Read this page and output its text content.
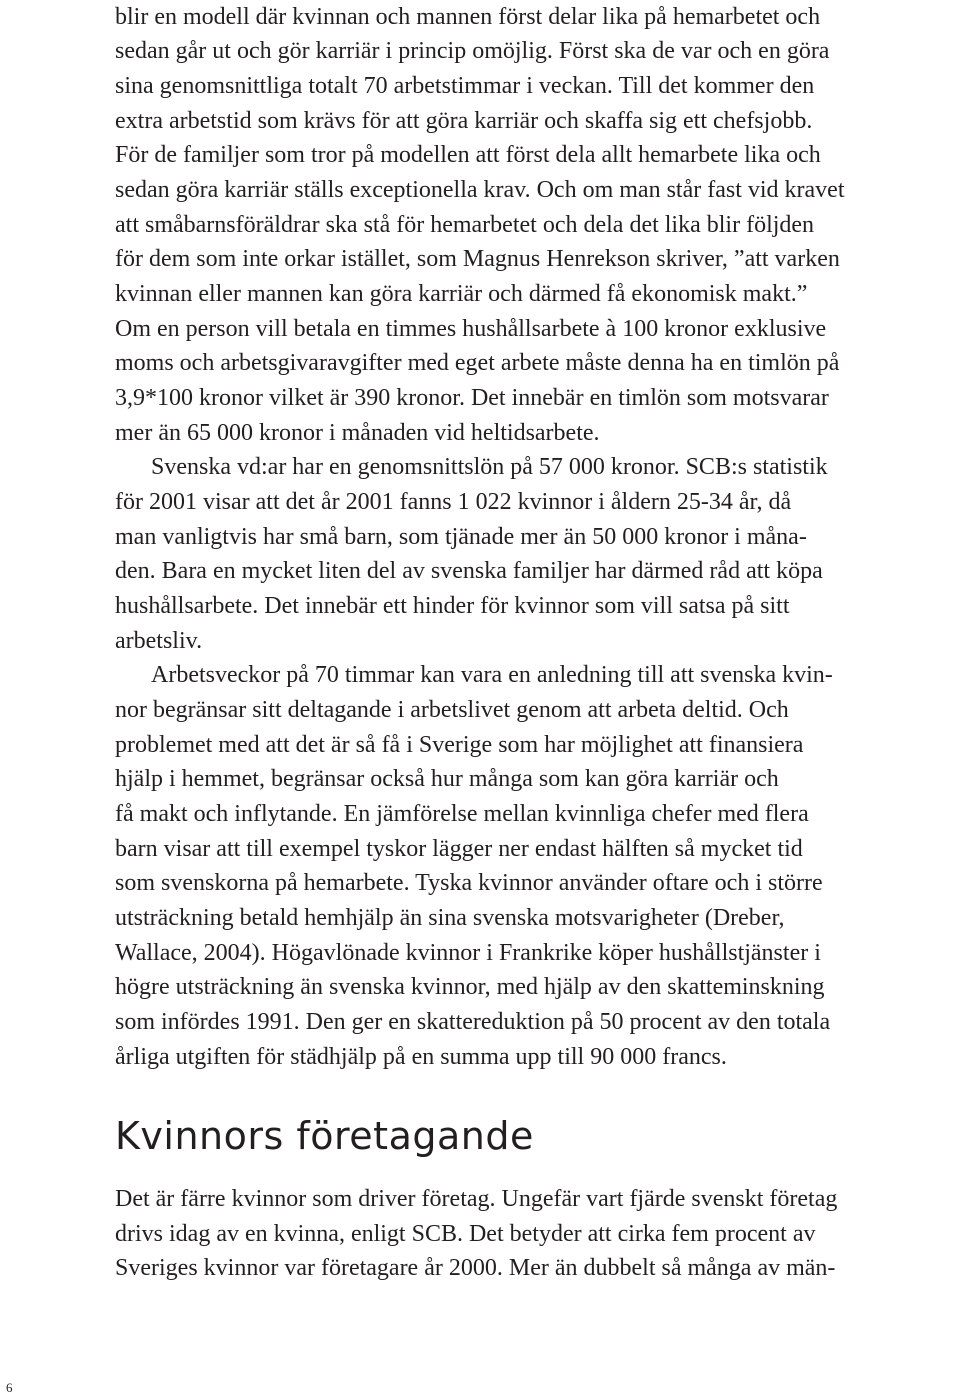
blir en modell där kvinnan och mannen först delar lika på hemarbetet och

sedan går ut och gör karriär i princip omöjlig. Först ska de var och en göra

sina genomsnittliga totalt 70 arbetstimmar i veckan. Till det kommer den

extra arbetstid som krävs för att göra karriär och skaffa sig ett chefsjobb.

För de familjer som tror på modellen att först dela allt hemarbete lika och

sedan göra karriär ställs exceptionella krav. Och om man står fast vid kravet

att småbarnsföräldrar ska stå för hemarbetet och dela det lika blir följden

för dem som inte orkar istället, som Magnus Henrekson skriver, ”att varken

kvinnan eller mannen kan göra karriär och därmed få ekonomisk makt.”

Om en person vill betala en timmes hushållsarbete à 100 kronor exklusive

moms och arbetsgivaravgifter med eget arbete måste denna ha en timlön på

3,9*100 kronor vilket är 390 kronor. Det innebär en timlön som motsvarar

mer än 65 000 kronor i månaden vid heltidsarbete.

Svenska vd:ar har en genomsnittslön på 57 000 kronor. SCB:s statistik

för 2001 visar att det år 2001 fanns 1 022 kvinnor i åldern 25-34 år, då

man vanligtvis har små barn, som tjänade mer än 50 000 kronor i måna-

den. Bara en mycket liten del av svenska familjer har därmed råd att köpa

hushållsarbete. Det innebär ett hinder för kvinnor som vill satsa på sitt

arbetsliv.

Arbetsveckor på 70 timmar kan vara en anledning till att svenska kvin-

nor begränsar sitt deltagande i arbetslivet genom att arbeta deltid. Och

problemet med att det är så få i Sverige som har möjlighet att finansiera

hjälp i hemmet, begränsar också hur många som kan göra karriär och

få makt och inflytande. En jämförelse mellan kvinnliga chefer med flera

barn visar att till exempel tyskor lägger ner endast hälften så mycket tid

som svenskorna på hemarbete. Tyska kvinnor använder oftare och i större

utsträckning betald hemhjälp än sina svenska motsvarigheter (Dreber,

Wallace, 2004). Högavlönade kvinnor i Frankrike köper hushållstjänster i

högre utsträckning än svenska kvinnor, med hjälp av den skatteminskning

som infördes 1991. Den ger en skattereduktion på 50 procent av den totala

årliga utgiften för städhjälp på en summa upp till 90 000 francs.

Kvinnors företagande

Det är färre kvinnor som driver företag. Ungefär vart fjärde svenskt företag

drivs idag av en kvinna, enligt SCB. Det betyder att cirka fem procent av

Sveriges kvinnor var företagare år 2000. Mer än dubbelt så många av män-

6
